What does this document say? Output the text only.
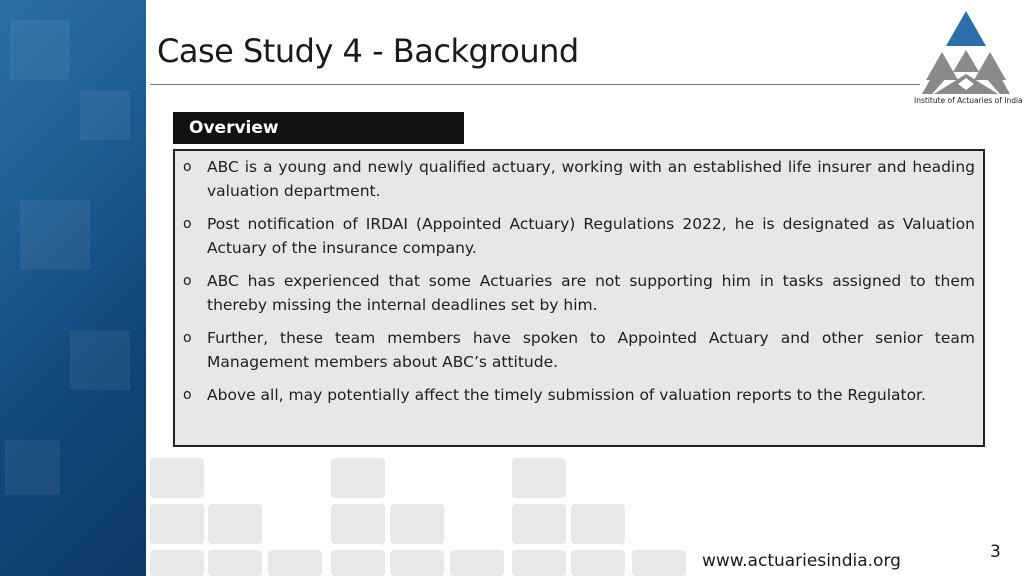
Case Study 4 - Background
Institute of Actuaries of India
Overview
o ABC is a young and newly qualified actuary, working with an established life insurer and heading valuation department.
o Post notification of IRDAI (Appointed Actuary) Regulations 2022, he is designated as Valuation Actuary of the insurance company.
o ABC has experienced that some Actuaries are not supporting him in tasks assigned to them thereby missing the internal deadlines set by him.
o Further, these team members have spoken to Appointed Actuary and other senior team Management members about ABC’s attitude.
o Above all, may potentially affect the timely submission of valuation reports to the Regulator.
www.actuariesindia.org	3
